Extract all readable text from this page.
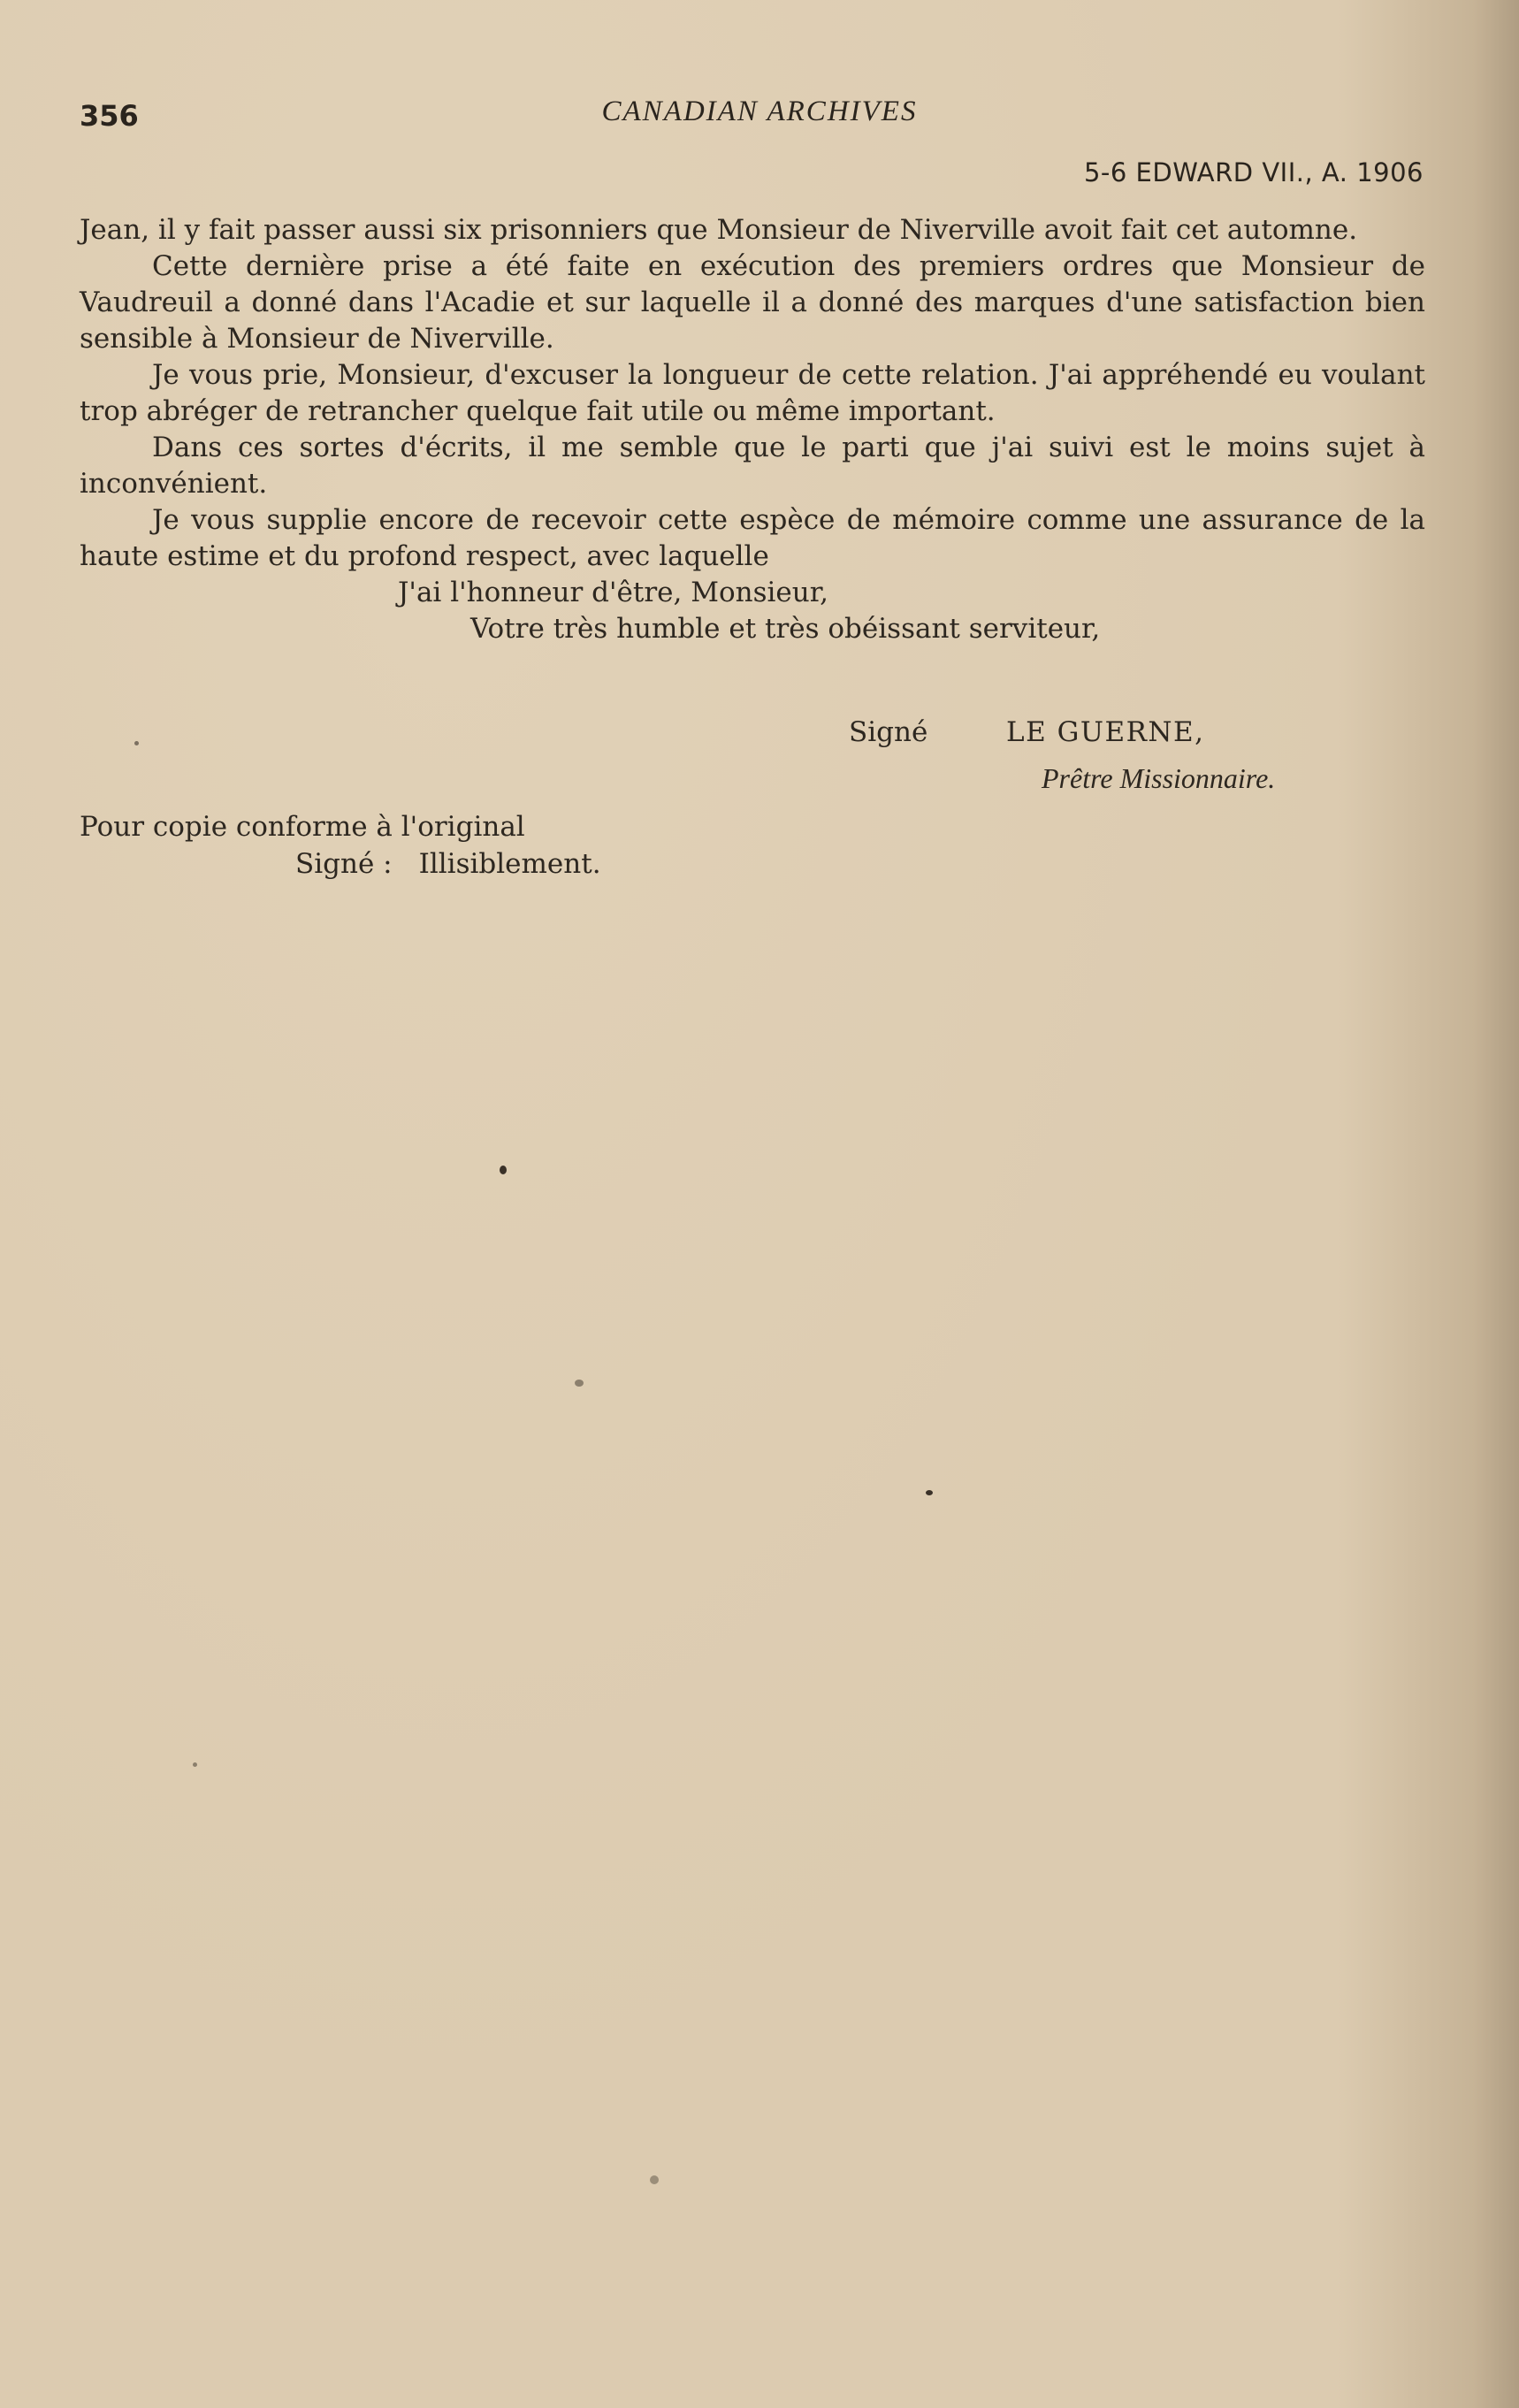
356	CANADIAN ARCHIVES
5-6 EDWARD VII., A. 1906

Jean, il y fait passer aussi six prisonniers que Monsieur de Niverville avoit fait cet automne.

Cette dernière prise a été faite en exécution des premiers ordres que Monsieur de Vaudreuil a donné dans l'Acadie et sur laquelle il a donné des marques d'une satisfaction bien sensible à Monsieur de Niverville.

Je vous prie, Monsieur, d'excuser la longueur de cette relation. J'ai appréhendé eu voulant trop abréger de retrancher quelque fait utile ou même important.

Dans ces sortes d'écrits, il me semble que le parti que j'ai suivi est le moins sujet à inconvénient.

Je vous supplie encore de recevoir cette espèce de mémoire comme une assurance de la haute estime et du profond respect, avec laquelle

J'ai l'honneur d'être, Monsieur,

Votre très humble et très obéissant serviteur,

Signé	LE GUERNE,
Prêtre Missionnaire.
Pour copie conforme à l'original
Signé : Illisiblement.
